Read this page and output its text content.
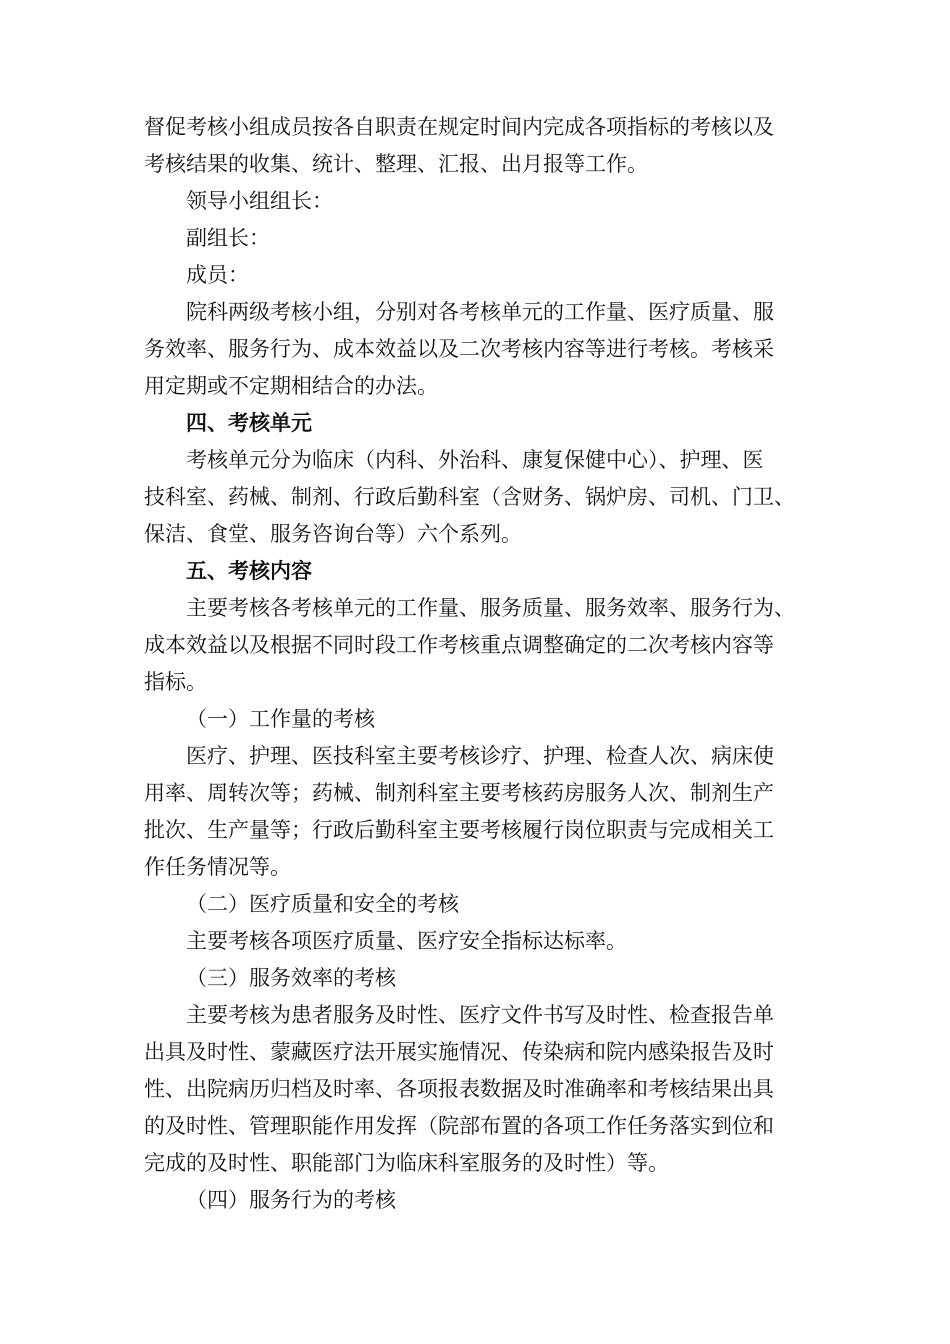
督促考核小组成员按各自职责在规定时间内完成各项指标的考核以及

考核结果的收集、统计、整理、汇报、出月报等工作。

领导小组组长：

副组长：

成员：

院科两级考核小组，分别对各考核单元的工作量、医疗质量、服

务效率、服务行为、成本效益以及二次考核内容等进行考核。考核采

用定期或不定期相结合的办法。

四、考核单元

考核单元分为临床（内科、外治科、康复保健中心）、护理、医

技科室、药械、制剂、行政后勤科室（含财务、锅炉房、司机、门卫、

保洁、食堂、服务咨询台等）六个系列。

五、考核内容

主要考核各考核单元的工作量、服务质量、服务效率、服务行为、

成本效益以及根据不同时段工作考核重点调整确定的二次考核内容等

指标。

（一）工作量的考核

医疗、护理、医技科室主要考核诊疗、护理、检查人次、病床使

用率、周转次等；药械、制剂科室主要考核药房服务人次、制剂生产

批次、生产量等；行政后勤科室主要考核履行岗位职责与完成相关工

作任务情况等。

（二）医疗质量和安全的考核

主要考核各项医疗质量、医疗安全指标达标率。

（三）服务效率的考核

主要考核为患者服务及时性、医疗文件书写及时性、检查报告单

出具及时性、蒙藏医疗法开展实施情况、传染病和院内感染报告及时

性、出院病历归档及时率、各项报表数据及时准确率和考核结果出具

的及时性、管理职能作用发挥（院部布置的各项工作任务落实到位和

完成的及时性、职能部门为临床科室服务的及时性）等。

（四）服务行为的考核
